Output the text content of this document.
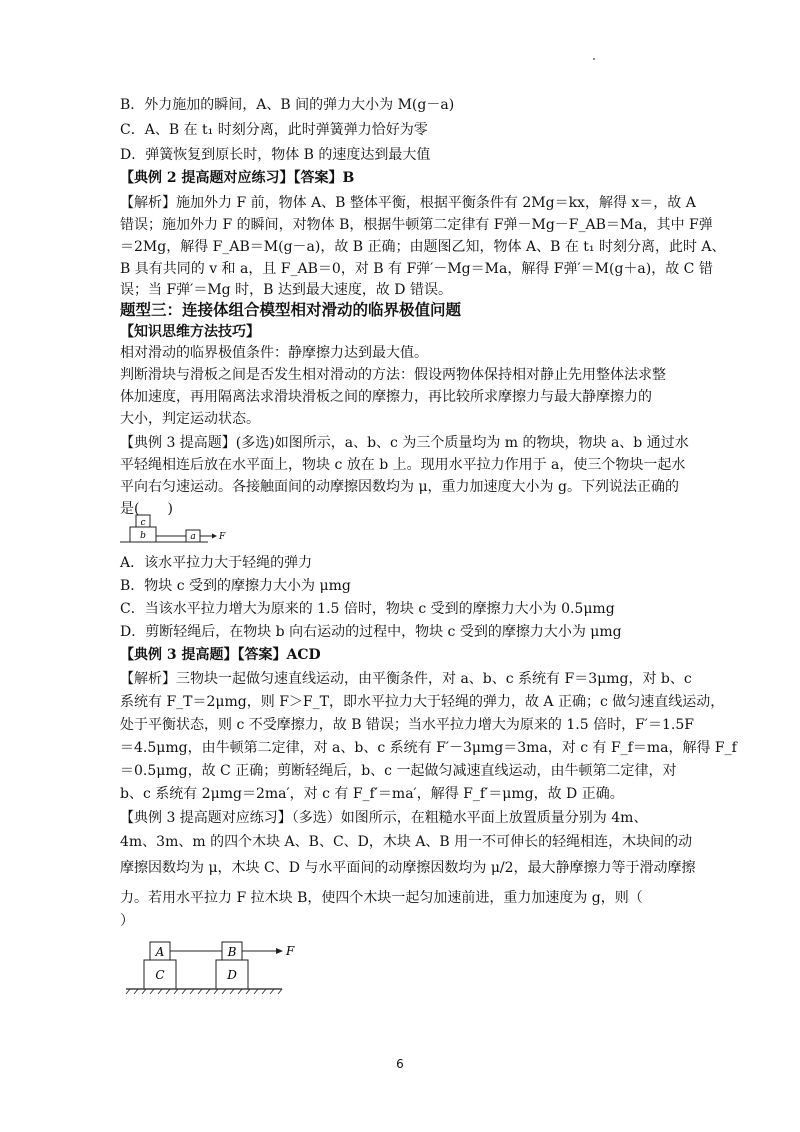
B．外力施加的瞬间，A、B 间的弹力大小为 M(g－a)
C．A、B 在 t₁ 时刻分离，此时弹簧弹力恰好为零
D．弹簧恢复到原长时，物体 B 的速度达到最大值
【典例 2 提高题对应练习】【答案】B
【解析】施加外力 F 前，物体 A、B 整体平衡，根据平衡条件有 2Mg＝kx，解得 x＝，故 A
错误；施加外力 F 的瞬间，对物体 B，根据牛顿第二定律有 F弹－Mg－F_AB＝Ma，其中 F弹
＝2Mg，解得 F_AB＝M(g－a)，故 B 正确；由题图乙知，物体 A、B 在 t₁ 时刻分离，此时 A、
B 具有共同的 v 和 a，且 F_AB＝0，对 B 有 F弹′－Mg＝Ma，解得 F弹′＝M(g＋a)，故 C 错
误；当 F弹′＝Mg 时，B 达到最大速度，故 D 错误。
题型三：连接体组合模型相对滑动的临界极值问题
【知识思维方法技巧】
相对滑动的临界极值条件：静摩擦力达到最大值。
判断滑块与滑板之间是否发生相对滑动的方法：假设两物体保持相对静止先用整体法求整
体加速度，再用隔离法求滑块滑板之间的摩擦力，再比较所求摩擦力与最大静摩擦力的
大小，判定运动状态。
【典例 3 提高题】(多选)如图所示，a、b、c 为三个质量均为 m 的物块，物块 a、b 通过水
平轻绳相连后放在水平面上，物块 c 放在 b 上。现用水平拉力作用于 a，使三个物块一起水
平向右匀速运动。各接触面间的动摩擦因数均为 μ，重力加速度大小为 g。下列说法正确的
是(　　)
c
b	a	F
A．该水平拉力大于轻绳的弹力
B．物块 c 受到的摩擦力大小为 μmg
C．当该水平拉力增大为原来的 1.5 倍时，物块 c 受到的摩擦力大小为 0.5μmg
D．剪断轻绳后，在物块 b 向右运动的过程中，物块 c 受到的摩擦力大小为 μmg
【典例 3 提高题】【答案】ACD
【解析】三物块一起做匀速直线运动，由平衡条件，对 a、b、c 系统有 F＝3μmg，对 b、c
系统有 F_T＝2μmg，则 F＞F_T，即水平拉力大于轻绳的弹力，故 A 正确；c 做匀速直线运动，
处于平衡状态，则 c 不受摩擦力，故 B 错误；当水平拉力增大为原来的 1.5 倍时，F′＝1.5F
＝4.5μmg，由牛顿第二定律，对 a、b、c 系统有 F′－3μmg＝3ma，对 c 有 F_f＝ma，解得 F_f
＝0.5μmg，故 C 正确；剪断轻绳后，b、c 一起做匀减速直线运动，由牛顿第二定律，对
b、c 系统有 2μmg＝2ma′，对 c 有 F_f′＝ma′，解得 F_f′＝μmg，故 D 正确。
【典例 3 提高题对应练习】（多选）如图所示，在粗糙水平面上放置质量分别为 4m、
4m、3m、m 的四个木块 A、B、C、D，木块 A、B 用一不可伸长的轻绳相连，木块间的动
摩擦因数均为 μ，木块 C、D 与水平面间的动摩擦因数均为 μ/2，最大静摩擦力等于滑动摩擦
力。若用水平拉力 F 拉木块 B，使四个木块一起匀加速前进，重力加速度为 g，则（
）
A
C
B
D
F
6
